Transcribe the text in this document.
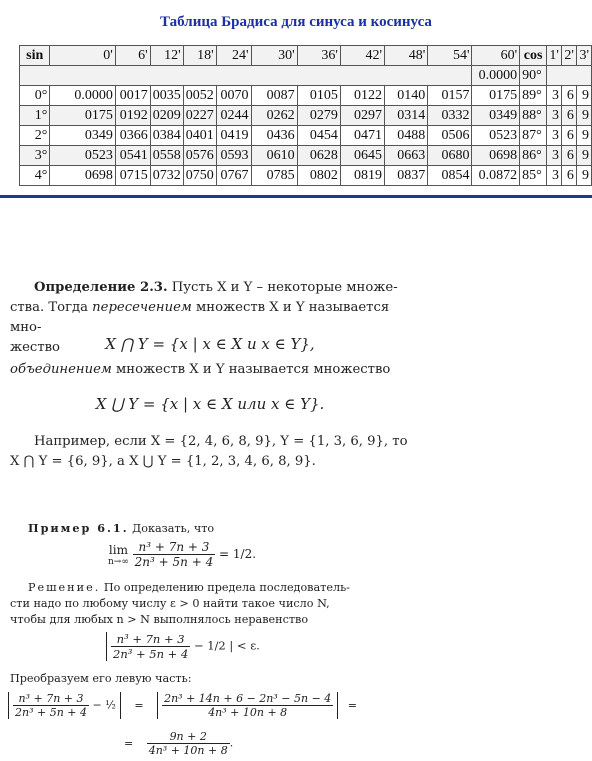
Таблица Брадиса для синуса и косинуса
sin	0'	6'	12'	18'	24'	30'	36'	42'	48'	54'	60'	cos	1'	2'	3'
											0.0000	90°			
0°	0.0000	0017	0035	0052	0070	0087	0105	0122	0140	0157	0175	89°	3	6	9
1°	0175	0192	0209	0227	0244	0262	0279	0297	0314	0332	0349	88°	3	6	9
2°	0349	0366	0384	0401	0419	0436	0454	0471	0488	0506	0523	87°	3	6	9
3°	0523	0541	0558	0576	0593	0610	0628	0645	0663	0680	0698	86°	3	6	9
4°	0698	0715	0732	0750	0767	0785	0802	0819	0837	0854	0.0872	85°	3	6	9
Определение 2.3. Пусть X и Y – некоторые множе-
ства. Тогда пересечением множеств X и Y называется мно-
жество	X ⋂ Y = {x | x ∈ X и x ∈ Y},
объединением множеств X и Y называется множество
X ⋃ Y = {x | x ∈ X или x ∈ Y}.
Например, если X = {2, 4, 6, 8, 9}, Y = {1, 3, 6, 9}, то
X ⋂ Y = {6, 9}, а X ⋃ Y = {1, 2, 3, 4, 6, 8, 9}.
Пример 6.1. Доказать, что
lim
n→∞
$\frac{\text{n³ + 7n + 3}}{\text{2n³ + 5n + 4}} = 1/2$.
Решение. По определению предела последователь-
сти надо по любому числу ε > 0 найти такое число N,
чтобы для любых n > N выполнялось неравенство
$\frac{\text{n³ + 7n + 3}}{\text{2n³ + 5n + 4}} - 1/2$ | < ε.
Преобразуем его левую часть:
$\frac{\text{n³ + 7n + 3}}{\text{2n³ + 5n + 4}}$ − ½ = $\frac{\text{2n³ + 14n + 6 − 2n³ − 5n − 4}}{\text{4n³ + 10n + 8}}$ =
= $\frac{9n + 2}{\text{4n³ + 10n + 8}}$ .
